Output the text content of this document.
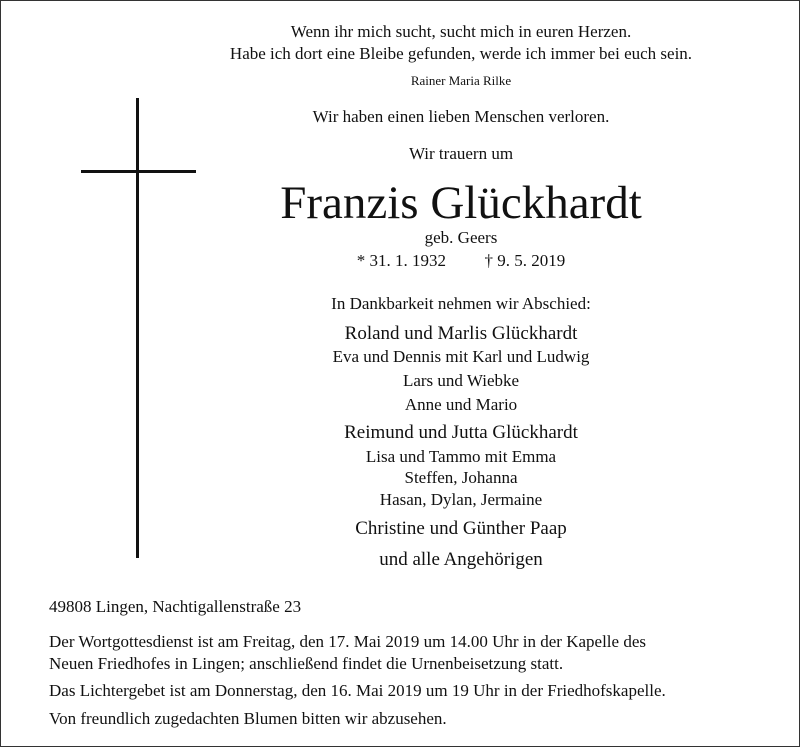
Wenn ihr mich sucht, sucht mich in euren Herzen.
Habe ich dort eine Bleibe gefunden, werde ich immer bei euch sein.
Rainer Maria Rilke
Wir haben einen lieben Menschen verloren.
Wir trauern um
Franzis Glückhardt
geb. Geers
* 31. 1. 1932 † 9. 5. 2019
In Dankbarkeit nehmen wir Abschied:
Roland und Marlis Glückhardt
Eva und Dennis mit Karl und Ludwig
Lars und Wiebke
Anne und Mario
Reimund und Jutta Glückhardt
Lisa und Tammo mit Emma
Steffen, Johanna
Hasan, Dylan, Jermaine
Christine und Günther Paap
und alle Angehörigen
49808 Lingen, Nachtigallenstraße 23
Der Wortgottesdienst ist am Freitag, den 17. Mai 2019 um 14.00 Uhr in der Kapelle des
Neuen Friedhofes in Lingen; anschließend findet die Urnenbeisetzung statt.
Das Lichtergebet ist am Donnerstag, den 16. Mai 2019 um 19 Uhr in der Friedhofskapelle.
Von freundlich zugedachten Blumen bitten wir abzusehen.
